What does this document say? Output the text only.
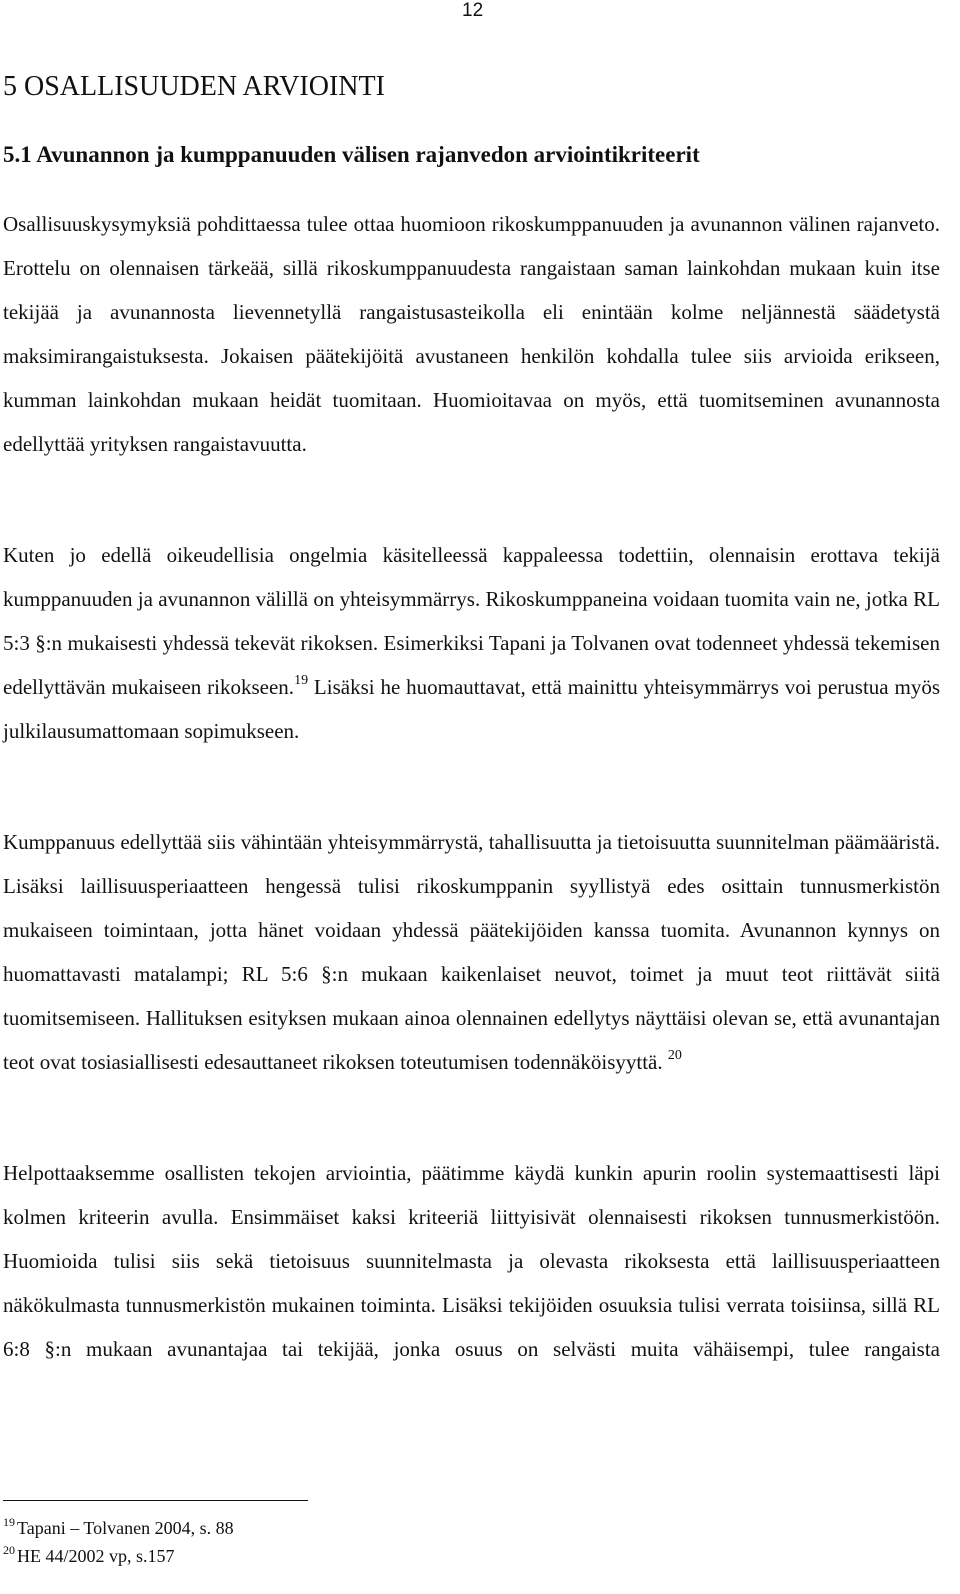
12
5 OSALLISUUDEN ARVIOINTI
5.1 Avunannon ja kumppanuuden välisen rajanvedon arviointikriteerit

Osallisuuskysymyksiä pohdittaessa tulee ottaa huomioon rikoskumppanuuden ja avunannon välinen rajanveto. Erottelu on olennaisen tärkeää, sillä rikoskumppanuudesta rangaistaan saman lainkohdan mukaan kuin itse tekijää ja avunannosta lievennetyllä rangaistusasteikolla eli enintään kolme neljännestä säädetystä maksimirangaistuksesta. Jokaisen päätekijöitä avustaneen henkilön kohdalla tulee siis arvioida erikseen, kumman lainkohdan mukaan heidät tuomitaan. Huomioitavaa on myös, että tuomitseminen avunannosta edellyttää yrityksen rangaistavuutta.

Kuten jo edellä oikeudellisia ongelmia käsitelleessä kappaleessa todettiin, olennaisin erottava tekijä kumppanuuden ja avunannon välillä on yhteisymmärrys. Rikoskumppaneina voidaan tuomita vain ne, jotka RL 5:3 §:n mukaisesti yhdessä tekevät rikoksen. Esimerkiksi Tapani ja Tolvanen ovat todenneet yhdessä tekemisen edellyttävän mukaiseen rikokseen.$^{19}$ Lisäksi he huomauttavat, että mainittu yhteisymmärrys voi perustua myös julkilausumattomaan sopimukseen.

Kumppanuus edellyttää siis vähintään yhteisymmärrystä, tahallisuutta ja tietoisuutta suunnitelman päämääristä. Lisäksi laillisuusperiaatteen hengessä tulisi rikoskumppanin syyllistyä edes osittain tunnusmerkistön mukaiseen toimintaan, jotta hänet voidaan yhdessä päätekijöiden kanssa tuomita. Avunannon kynnys on huomattavasti matalampi; RL 5:6 §:n mukaan kaikenlaiset neuvot, toimet ja muut teot riittävät siitä tuomitsemiseen. Hallituksen esityksen mukaan ainoa olennainen edellytys näyttäisi olevan se, että avunantajan teot ovat tosiasiallisesti edesauttaneet rikoksen toteutumisen todennäköisyyttä. $^{20}$

Helpottaaksemme osallisten tekojen arviointia, päätimme käydä kunkin apurin roolin systemaattisesti läpi kolmen kriteerin avulla. Ensimmäiset kaksi kriteeriä liittyisivät olennaisesti rikoksen tunnusmerkistöön. Huomioida tulisi siis sekä tietoisuus suunnitelmasta ja olevasta rikoksesta että laillisuusperiaatteen näkökulmasta tunnusmerkistön mukainen toiminta. Lisäksi tekijöiden osuuksia tulisi verrata toisiinsa, sillä RL 6:8 §:n mukaan avunantajaa tai tekijää, jonka osuus on selvästi muita vähäisempi, tulee rangaista

$^{19}$ Tapani – Tolvanen 2004, s. 88
$^{20}$ HE 44/2002 vp, s.157
